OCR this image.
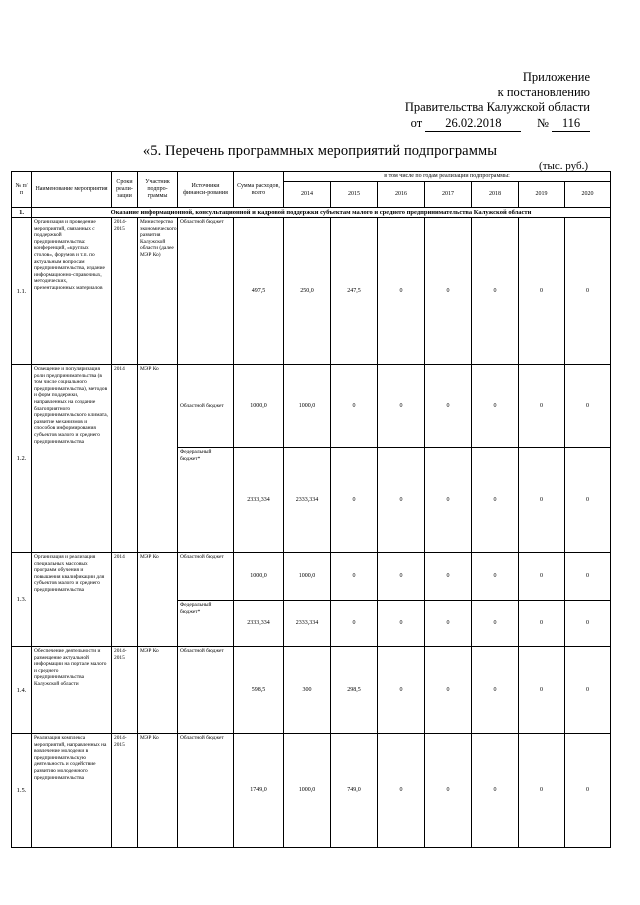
Приложение
к постановлению
Правительства Калужской области
от 26.02.2018	№ 116
«5. Перечень программных мероприятий подпрограммы
(тыс. руб.)
№ п/п	Наименование мероприятия	Сроки реали-зации	Участник подпро-граммы	Источники финанси-рования	Сумма расходов, всего	в том числе по годам реализации подпрограммы:						
						2014	2015	2016	2017	2018	2019	2020
1.	Оказание информационной, консультационной и кадровой поддержки субъектам малого и среднего предпринимательства Калужской области											
1.1.	Организация и проведение мероприятий, связанных с поддержкой предпринимательства: конференций, «круглых столов», форумов и т.п. по актуальным вопросам предпринимательства, издание информационно-справочных, методических, презентационных материалов	2014-2015	Министерство экономического развития Калужской области (далее МЭР Ко)	Областной бюджет	497,5	250,0	247,5	0	0	0	0	0
1.2.	Освещение и популяризация роли предпринимательства (в том числе социального предпринимательства), методов и форм поддержки, направленных на создание благоприятного предпринимательского климата, развитие механизмов и способов информирования субъектов малого и среднего предпринимательства	2014	МЭР Ко	Областной бюджет	1000,0	1000,0	0	0	0	0	0	0
				Федеральный бюджет*	2333,334	2333,334	0	0	0	0	0	0
1.3.	Организация и реализация специальных массовых программ обучения и повышения квалификации для субъектов малого и среднего предпринимательства	2014	МЭР Ко	Областной бюджет	1000,0	1000,0	0	0	0	0	0	0
				Федеральный бюджет*	2333,334	2333,334	0	0	0	0	0	0
1.4.	Обеспечение деятельности и размещение актуальной информации на портале малого и среднего предпринимательства Калужской области	2014-2015	МЭР Ко	Областной бюджет	598,5	300	298,5	0	0	0	0	0
1.5.	Реализация комплекса мероприятий, направленных на вовлечение молодежи в предпринимательскую деятельность и содействие развитию молодежного предпринимательства	2014-2015	МЭР Ко	Областной бюджет	1749,0	1000,0	749,0	0	0	0	0	0
